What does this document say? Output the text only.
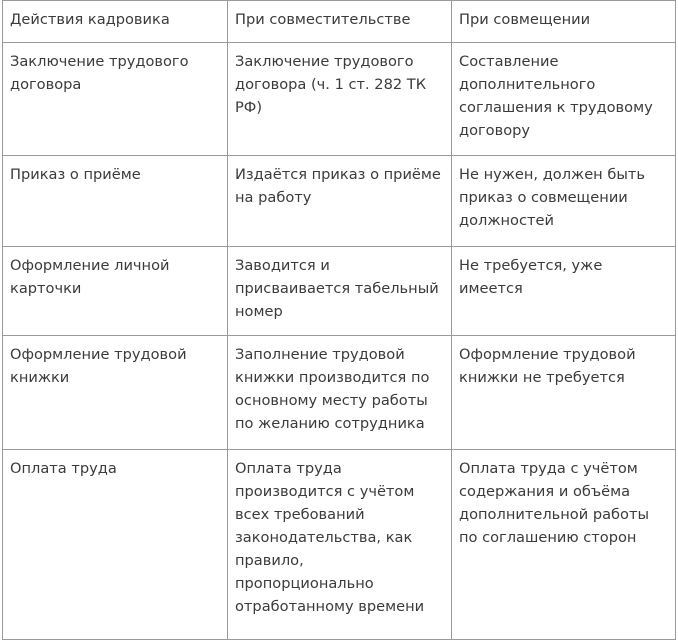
Действия кадровика	При совместительстве	При совмещении
Заключение трудового договора	Заключение трудового договора (ч. 1 ст. 282 ТК РФ)	Составление дополнительного соглашения к трудовому договору
Приказ о приёме	Издаётся приказ о приёме на работу	Не нужен, должен быть приказ о совмещении должностей
Оформление личной карточки	Заводится и присваивается табельный номер	Не требуется, уже имеется
Оформление трудовой книжки	Заполнение трудовой книжки производится по основному месту работы по желанию сотрудника	Оформление трудовой книжки не требуется
Оплата труда	Оплата труда производится с учётом всех требований законодательства, как правило, пропорционально отработанному времени	Оплата труда с учётом содержания и объёма дополнительной работы по соглашению сторон
